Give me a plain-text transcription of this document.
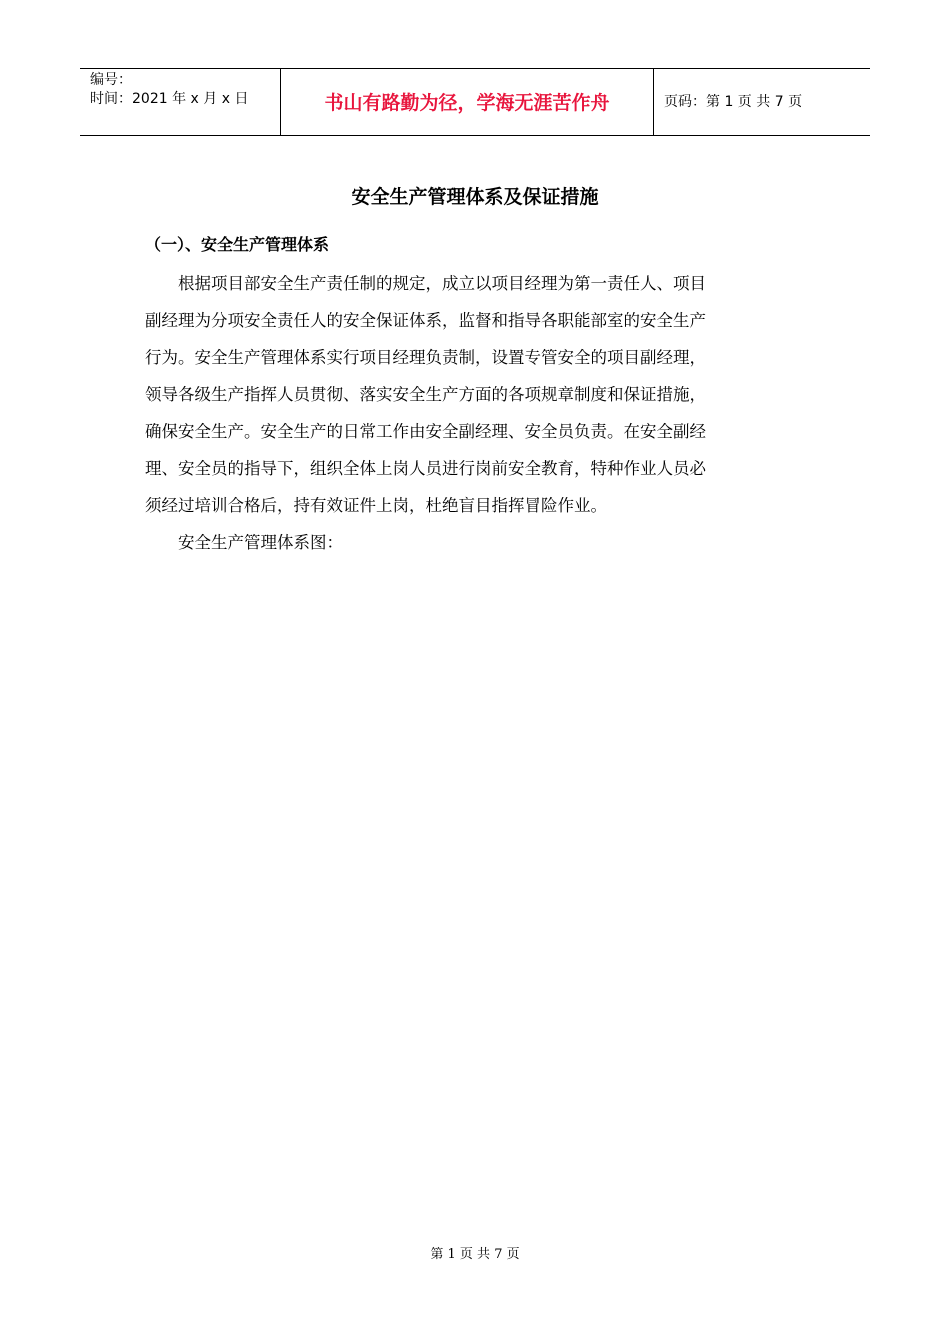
编号：
时间：2021 年 x 月 x 日	书山有路勤为径，学海无涯苦作舟	页码：第 1 页 共 7 页
安全生产管理体系及保证措施
（一）、安全生产管理体系
　　根据项目部安全生产责任制的规定，成立以项目经理为第一责任人、项目
副经理为分项安全责任人的安全保证体系，监督和指导各职能部室的安全生产
行为。安全生产管理体系实行项目经理负责制，设置专管安全的项目副经理，
领导各级生产指挥人员贯彻、落实安全生产方面的各项规章制度和保证措施，
确保安全生产。安全生产的日常工作由安全副经理、安全员负责。在安全副经
理、安全员的指导下，组织全体上岗人员进行岗前安全教育，特种作业人员必
须经过培训合格后，持有效证件上岗，杜绝盲目指挥冒险作业。
　　安全生产管理体系图：
第 1 页 共 7 页
